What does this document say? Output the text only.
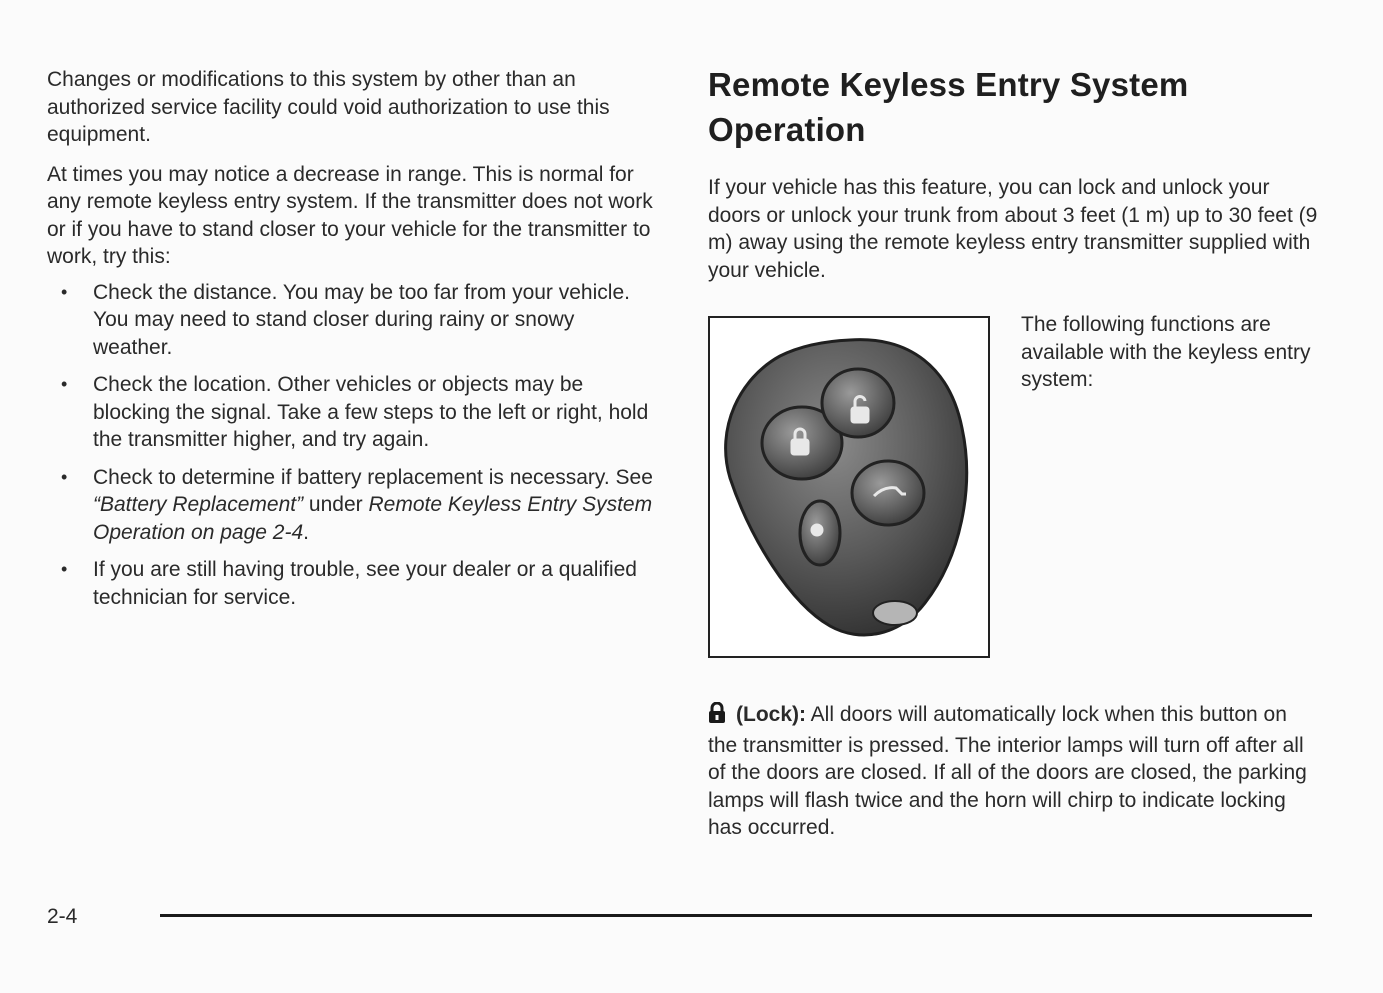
Changes or modifications to this system by other than an authorized service facility could void authorization to use this equipment.

At times you may notice a decrease in range. This is normal for any remote keyless entry system. If the transmitter does not work or if you have to stand closer to your vehicle for the transmitter to work, try this:

• Check the distance. You may be too far from your vehicle. You may need to stand closer during rainy or snowy weather.
• Check the location. Other vehicles or objects may be blocking the signal. Take a few steps to the left or right, hold the transmitter higher, and try again.
• Check to determine if battery replacement is necessary. See “Battery Replacement” under Remote Keyless Entry System Operation on page 2-4.
• If you are still having trouble, see your dealer or a qualified technician for service.
Remote Keyless Entry System Operation

If your vehicle has this feature, you can lock and unlock your doors or unlock your trunk from about 3 feet (1 m) up to 30 feet (9 m) away using the remote keyless entry transmitter supplied with your vehicle.

The following functions are available with the keyless entry system:

(Lock): All doors will automatically lock when this button on the transmitter is pressed. The interior lamps will turn off after all of the doors are closed. If all of the doors are closed, the parking lamps will flash twice and the horn will chirp to indicate locking has occurred.

2-4
